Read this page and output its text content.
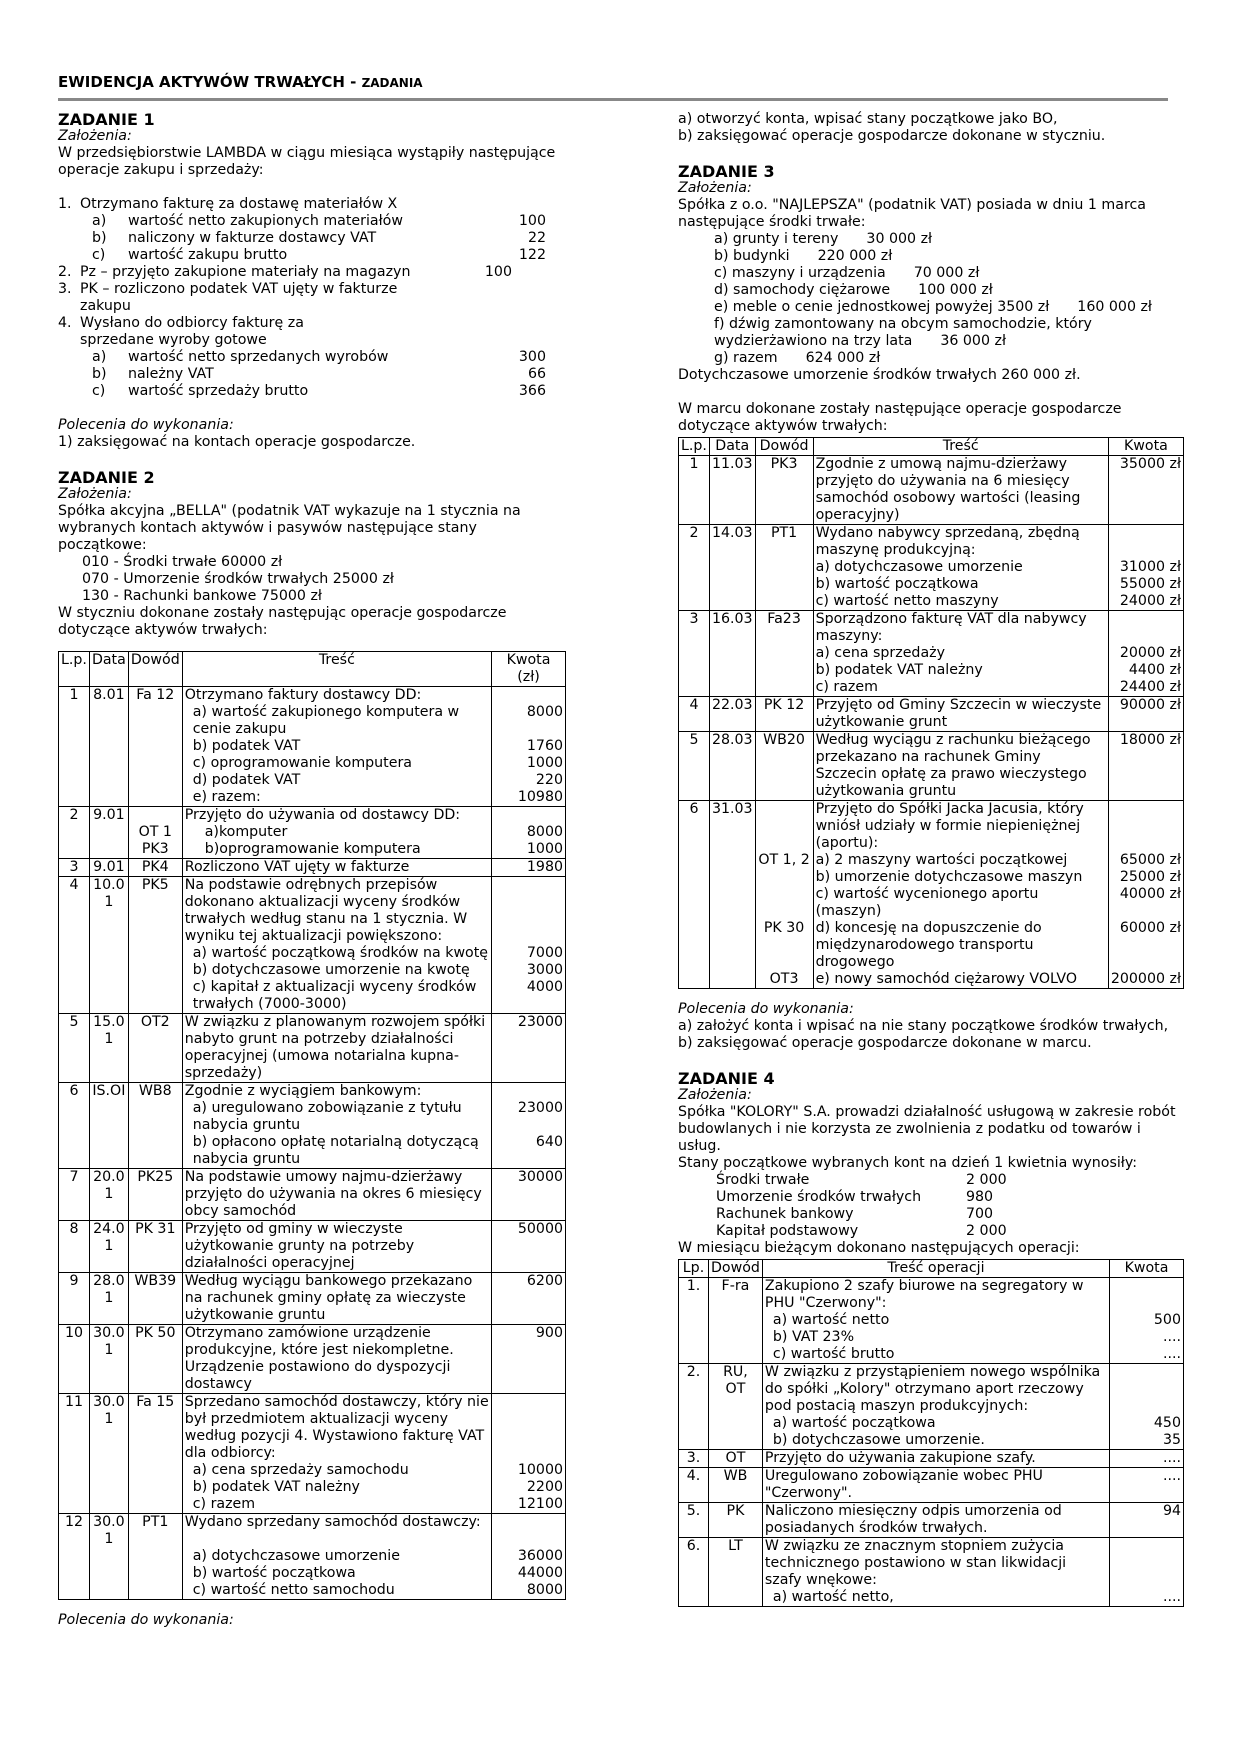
EWIDENCJA AKTYWÓW TRWAŁYCH - ZADANIA
ZADANIE 1
Założenia:
W przedsiębiorstwie LAMBDA w ciągu miesiąca wystąpiły następujące operacje zakupu i sprzedaży:
1. Otrzymano fakturę za dostawę materiałów X
a)	wartość netto zakupionych materiałów	100
b)	naliczony w fakturze dostawcy VAT	22
c)	wartość zakupu brutto	122
2. Pz – przyjęto zakupione materiały na magazyn	100
3. PK – rozliczono podatek VAT ujęty w fakturze zakupu
4. Wysłano do odbiorcy fakturę za sprzedane wyroby gotowe
a)	wartość netto sprzedanych wyrobów	300
b)	należny VAT	66
c)	wartość sprzedaży brutto	366
Polecenia do wykonania:
1) zaksięgować na kontach operacje gospodarcze.
ZADANIE 2
Założenia:
Spółka akcyjna „BELLA" (podatnik VAT wykazuje na 1 stycznia na wybranych kontach aktywów i pasywów następujące stany początkowe:
010 - Środki trwałe 60000 zł
070 - Umorzenie środków trwałych 25000 zł
130 - Rachunki bankowe 75000 zł
W styczniu dokonane zostały następując operacje gospodarcze dotyczące aktywów trwałych:
L.p.	Data	Dowód	Treść	Kwota (zł)
1	8.01	Fa 12	Otrzymano faktury dostawcy DD:	
			a) wartość zakupionego komputera w cenie zakupu	8000
			b) podatek VAT	1760
			c) oprogramowanie komputera	1000
			d) podatek VAT	220
			e) razem:	10980
2	9.01		Przyjęto do używania od dostawcy DD:	
		OT 1	a)komputer	8000
		PK3	b)oprogramowanie komputera	1000
3	9.01	PK4	Rozliczono VAT ujęty w fakturze	1980
4	10.0 1	PK5	Na podstawie odrębnych przepisów dokonano aktualizacji wyceny środków trwałych według stanu na 1 stycznia. W wyniku tej aktualizacji powiększono:	
			a) wartość początkową środków na kwotę	7000
			b) dotychczasowe umorzenie na kwotę	3000
			c) kapitał z aktualizacji wyceny środków trwałych (7000-3000)	4000
5	15.0 1	OT2	W związku z planowanym rozwojem spółki nabyto grunt na potrzeby działalności operacyjnej (umowa notarialna kupna-sprzedaży)	23000
6	IS.OI	WB8	Zgodnie z wyciągiem bankowym:	
			a) uregulowano zobowiązanie z tytułu nabycia gruntu	23000
			b) opłacono opłatę notarialną dotyczącą nabycia gruntu	640
7	20.0 1	PK25	Na podstawie umowy najmu-dzierżawy przyjęto do używania na okres 6 miesięcy obcy samochód	30000
8	24.0 1	PK 31	Przyjęto od gminy w wieczyste użytkowanie grunty na potrzeby działalności operacyjnej	50000
9	28.0 1	WB39	Według wyciągu bankowego przekazano na rachunek gminy opłatę za wieczyste użytkowanie gruntu	6200
10	30.0 1	PK 50	Otrzymano zamówione urządzenie produkcyjne, które jest niekompletne. Urządzenie postawiono do dyspozycji dostawcy	900
11	30.0 1	Fa 15	Sprzedano samochód dostawczy, który nie był przedmiotem aktualizacji wyceny według pozycji 4. Wystawiono fakturę VAT dla odbiorcy:	
			a) cena sprzedaży samochodu	10000
			b) podatek VAT należny	2200
			c) razem	12100
12	30.0 1	PT1	Wydano sprzedany samochód dostawczy:	
			a) dotychczasowe umorzenie	36000
			b) wartość początkowa	44000
			c) wartość netto samochodu	8000
Polecenia do wykonania:
a) otworzyć konta, wpisać stany początkowe jako BO,
b) zaksięgować operacje gospodarcze dokonane w styczniu.
ZADANIE 3
Założenia:
Spółka z o.o. "NAJLEPSZA" (podatnik VAT) posiada w dniu 1 marca następujące środki trwałe:
a) grunty i tereny 30 000 zł
b) budynki 220 000 zł
c) maszyny i urządzenia 70 000 zł
d) samochody ciężarowe 100 000 zł
e) meble o cenie jednostkowej powyżej 3500 zł 160 000 zł
f) dźwig zamontowany na obcym samochodzie, który wydzierżawiono na trzy lata 36 000 zł
g) razem 624 000 zł
Dotychczasowe umorzenie środków trwałych 260 000 zł.
W marcu dokonane zostały następujące operacje gospodarcze dotyczące aktywów trwałych:
L.p.	Data	Dowód	Treść	Kwota
1	11.03	PK3	Zgodnie z umową najmu-dzierżawy przyjęto do używania na 6 miesięcy samochód osobowy wartości (leasing operacyjny)	35000 zł
2	14.03	PT1	Wydano nabywcy sprzedaną, zbędną maszynę produkcyjną:	
			a) dotychczasowe umorzenie	31000 zł
			b) wartość początkowa	55000 zł
			c) wartość netto maszyny	24000 zł
3	16.03	Fa23	Sporządzono fakturę VAT dla nabywcy maszyny:	
			a) cena sprzedaży	20000 zł
			b) podatek VAT należny	4400 zł
			c) razem	24400 zł
4	22.03	PK 12	Przyjęto od Gminy Szczecin w wieczyste użytkowanie grunt	90000 zł
5	28.03	WB20	Według wyciągu z rachunku bieżącego przekazano na rachunek Gminy Szczecin opłatę za prawo wieczystego użytkowania gruntu	18000 zł
6	31.03		Przyjęto do Spółki Jacka Jacusia, który wniósł udziały w formie niepieniężnej (aportu):	
		OT 1, 2	a) 2 maszyny wartości początkowej	65000 zł
			b) umorzenie dotychczasowe maszyn	25000 zł
			c) wartość wycenionego aportu (maszyn)	40000 zł
		PK 30	d) koncesję na dopuszczenie do międzynarodowego transportu drogowego	60000 zł
		OT3	e) nowy samochód ciężarowy VOLVO	200000 zł
Polecenia do wykonania:
a) założyć konta i wpisać na nie stany początkowe środków trwałych,
b) zaksięgować operacje gospodarcze dokonane w marcu.
ZADANIE 4
Założenia:
Spółka "KOLORY" S.A. prowadzi działalność usługową w zakresie robót budowlanych i nie korzysta ze zwolnienia z podatku od towarów i usług.
Stany początkowe wybranych kont na dzień 1 kwietnia wynosiły:
Środki trwałe	2 000
Umorzenie środków trwałych	980
Rachunek bankowy	700
Kapitał podstawowy	2 000
W miesiącu bieżącym dokonano następujących operacji:
Lp.	Dowód	Treść operacji	Kwota
1.	F-ra	Zakupiono 2 szafy biurowe na segregatory w PHU "Czerwony":	
		a) wartość netto	500
		b) VAT 23%	....
		c) wartość brutto	....
2.	RU, OT	W związku z przystąpieniem nowego wspólnika do spółki „Kolory" otrzymano aport rzeczowy pod postacią maszyn produkcyjnych:	
		a) wartość początkowa	450
		b) dotychczasowe umorzenie.	35
3.	OT	Przyjęto do używania zakupione szafy.	....
4.	WB	Uregulowano zobowiązanie wobec PHU "Czerwony".	....
5.	PK	Naliczono miesięczny odpis umorzenia od posiadanych środków trwałych.	94
6.	LT	W związku ze znacznym stopniem zużycia technicznego postawiono w stan likwidacji szafy wnękowe:	
		a) wartość netto,	....
